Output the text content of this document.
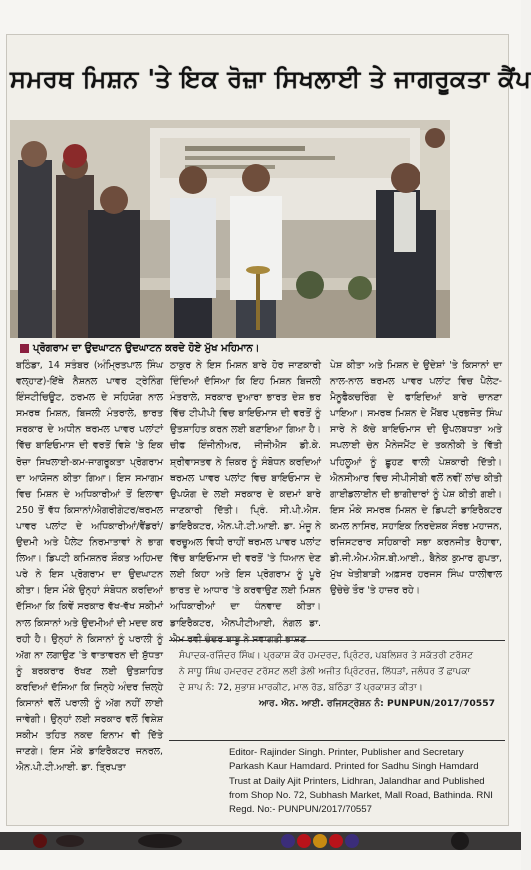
ਸਮਰਥ ਮਿਸ਼ਨ 'ਤੇ ਇਕ ਰੋਜ਼ਾ ਸਿਖਲਾਈ ਤੇ ਜਾਗਰੂਕਤਾ ਕੈਂਪ
ਪ੍ਰੋਗਰਾਮ ਦਾ ਉਦਘਾਟਨ ਉਦਘਾਟਨ ਕਰਦੇ ਹੋਏ ਮੁੱਖ ਮਹਿਮਾਨ।
ਬਠਿੰਡਾ, 14 ਸਤੰਬਰ (ਅੰਮ੍ਰਿਤਪਾਲ ਸਿੰਘ ਵਲ੍ਹਾਣ)-ਇੱਥੇ ਨੈਸ਼ਨਲ ਪਾਵਰ ਟ੍ਰੇਨਿੰਗ ਇੰਸਟੀਚਿਊਟ, ਠਰਮਲ ਦੇ ਸਹਿਯੋਗ ਨਾਲ ਸਮਰਥ ਮਿਸ਼ਨ, ਬਿਜਲੀ ਮੰਤਰਾਲੇ, ਭਾਰਤ ਸਰਕਾਰ ਦੇ ਅਧੀਨ ਥਰਮਲ ਪਾਵਰ ਪਲਾਂਟਾਂ ਵਿੱਚ ਬਾਇਓਮਾਸ ਦੀ ਵਰਤੋਂ ਵਿਸ਼ੇ 'ਤੇ ਇਕ ਰੋਜ਼ਾ ਸਿਖਲਾਈ-ਕਮ-ਜਾਗਰੂਕਤਾ ਪ੍ਰੋਗਰਾਮ ਦਾ ਆਯੋਜਨ ਕੀਤਾ ਗਿਆ। ਇਸ ਸਮਾਗਮ ਵਿਚ ਮਿਸ਼ਨ ਦੇ ਅਧਿਕਾਰੀਆਂ ਤੋਂ ਇਲਾਵਾ 250 ਤੋਂ ਵੱਧ ਕਿਸਾਨਾਂ/ਐਗਰੀਗੇਟਰ/ਥਰਮਲ ਪਾਵਰ ਪਲਾਂਟ ਦੇ ਅਧਿਕਾਰੀਆਂ/ਵੈਂਡਰਾਂ/ਉਦਮੀ ਅਤੇ ਪੈਲੇਟ ਨਿਰਮਾਤਾਵਾਂ ਨੇ ਭਾਗ ਲਿਆ। ਡਿਪਟੀ ਕਮਿਸ਼ਨਰ ਸ਼ੌਕਤ ਅਹਿਮਦ ਪਰੇ ਨੇ ਇਸ ਪ੍ਰੋਗਰਾਮ ਦਾ ਉਦਘਾਟਨ ਕੀਤਾ। ਇਸ ਮੌਕੇ ਉਨ੍ਹਾਂ ਸੰਬੋਧਨ ਕਰਦਿਆਂ ਦੱਸਿਆ ਕਿ ਕਿਵੇਂ ਸਰਕਾਰ ਵੱਖ-ਵੱਖ ਸਕੀਮਾਂ ਨਾਲ ਕਿਸਾਨਾਂ ਅਤੇ ਉਦਮੀਆਂ ਦੀ ਮਦਦ ਕਰ ਰਹੀ ਹੈ। ਉਨ੍ਹਾਂ ਨੇ ਕਿਸਾਨਾਂ ਨੂੰ ਪਰਾਲੀ ਨੂੰ ਅੱਗ ਨਾ ਲਗਾਉਣ 'ਤੇ ਵਾਤਾਵਰਨ ਦੀ ਸ਼ੁੱਧਤਾ ਨੂੰ ਬਰਕਰਾਰ ਰੱਖਣ ਲਈ ਉਤਸ਼ਾਹਿਤ ਕਰਦਿਆਂ ਦੱਸਿਆ ਕਿ ਜਿਨ੍ਹੇ ਅੰਦਰ ਜ਼ਿਲ੍ਹੇ ਕਿਸਾਨਾਂ ਵਲੋਂ ਪਰਾਲੀ ਨੂੰ ਅੱਗ ਨਹੀਂ ਲਾਈ ਜਾਵੇਗੀ। ਉਨ੍ਹਾਂ ਲਈ ਸਰਕਾਰ ਵਲੋਂ ਵਿਸ਼ੇਸ਼ ਸਕੀਮ ਤਹਿਤ ਨਕਦ ਇਨਾਮ ਵੀ ਦਿੱਤੇ ਜਾਣਗੇ। ਇਸ ਮੌਕੇ ਡਾਇਰੈਕਟਰ ਜਨਰਲ, ਐਨ.ਪੀ.ਟੀ.ਆਈ. ਡਾ. ਤ੍ਰਿਪਤਾ
ਠਾਕੁਰ ਨੇ ਇਸ ਮਿਸ਼ਨ ਬਾਰੇ ਹੋਰ ਜਾਣਕਾਰੀ ਦਿੰਦਿਆਂ ਦੱਸਿਆ ਕਿ ਇਹ ਮਿਸ਼ਨ ਬਿਜਲੀ ਮੰਤਰਾਲੇ, ਸਰਕਾਰ ਦੁਆਰਾ ਭਾਰਤ ਦੇਸ਼ ਭਰ ਵਿੱਚ ਟੀਪੀਪੀ ਵਿਚ ਬਾਇਓਮਾਸ ਦੀ ਵਰਤੋਂ ਨੂੰ ਉਤਸ਼ਾਹਿਤ ਕਰਨ ਲਈ ਬਣਾਇਆ ਗਿਆ ਹੈ। ਚੀਫ ਇੰਜੀਨੀਅਰ, ਜੀਜੀਐਸ ਡੀ.ਕੇ. ਸ਼੍ਰੀਵਾਸਤਵ ਨੇ ਜ਼ਿਕਰ ਨੂੰ ਸੰਬੋਧਨ ਕਰਦਿਆਂ ਥਰਮਲ ਪਾਵਰ ਪਲਾਂਟ ਵਿਚ ਬਾਇਓਮਾਸ ਦੇ ਉਪਯੋਗ ਦੇ ਲਈ ਸਰਕਾਰ ਦੇ ਕਦਮਾਂ ਬਾਰੇ ਜਾਣਕਾਰੀ ਦਿੱਤੀ। ਪ੍ਰਿੰ. ਸੀ.ਪੀ.ਐਸ. ਡਾਇਰੈਕਟਰ, ਐਨ.ਪੀ.ਟੀ.ਆਈ. ਡਾ. ਮੰਜੂ ਨੇ ਵਰਚੂਅਲ ਵਿਧੀ ਰਾਹੀਂ ਥਰਮਲ ਪਾਵਰ ਪਲਾਂਟ ਵਿੱਚ ਬਾਇਓਮਾਸ ਦੀ ਵਰਤੋਂ 'ਤੇ ਧਿਆਨ ਦੇਣ ਲਈ ਕਿਹਾ ਅਤੇ ਇਸ ਪ੍ਰੋਗਰਾਮ ਨੂੰ ਪੂਰੇ ਭਾਰਤ ਦੇ ਆਧਾਰ 'ਤੇ ਕਰਵਾਉਣ ਲਈ ਮਿਸ਼ਨ ਅਧਿਕਾਰੀਆਂ ਦਾ ਧੰਨਵਾਦ ਕੀਤਾ। ਡਾਇਰੈਕਟਰ, ਐਨਪੀਟੀਆਈ, ਨੰਗਲ ਡਾ.
ਪੇਸ਼ ਕੀਤਾ ਅਤੇ ਮਿਸ਼ਨ ਦੇ ਉਦੇਸ਼ਾਂ 'ਤੇ ਕਿਸਾਨਾਂ ਦਾ ਨਾਲ-ਨਾਲ ਥਰਮਲ ਪਾਵਰ ਪਲਾਂਟ ਵਿਚ ਪੈਲੇਟ-ਮੈਨੂਫੈਕਚਰਿੰਗ ਦੇ ਫਾਇਦਿਆਂ ਬਾਰੇ ਚਾਨਣਾ ਪਾਇਆ। ਸਮਰਥ ਮਿਸ਼ਨ ਦੇ ਮੈਂਬਰ ਪ੍ਰਭਜੋਤ ਸਿੰਘ ਸਾਰੇ ਨੇ ਕੱਚੇ ਬਾਇਓਮਾਸ ਦੀ ਉਪਲਬਧਤਾ ਅਤੇ ਸਪਲਾਈ ਚੇਨ ਮੈਨੇਜਮੈਂਟ ਦੇ ਤਕਨੀਕੀ ਤੇ ਵਿੱਤੀ ਪਹਿਲੂਆਂ ਨੂੰ ਛੂਹਣ ਵਾਲੀ ਪੇਸ਼ਕਾਰੀ ਦਿੱਤੀ। ਐਨਸੀਆਰ ਵਿਚ ਸੀਪੀਸੀਬੀ ਵਲੋਂ ਨਵੀਂ ਲਾਂਚ ਕੀਤੀ ਗਾਈਡਲਾਈਨ ਦੀ ਭਾਗੀਦਾਰਾਂ ਨੂੰ ਪੇਸ਼ ਕੀਤੀ ਗਈ। ਇਸ ਮੌਕੇ ਸਮਰਥ ਮਿਸ਼ਨ ਦੇ ਡਿਪਟੀ ਡਾਇਰੈਕਟਰ ਕਮਲ ਨਾਸਿਰ, ਸਹਾਇਕ ਨਿਰਦੇਸ਼ਕ ਸੌਰਭ ਮਹਾਜਨ, ਰਜਿਸਟਰਾਰ ਸਹਿਕਾਰੀ ਸਭਾ ਕਰਨਜੀਤ ਰੈਹਾਵਾ, ਡੀ.ਜੀ.ਐਮ.ਐਸ.ਬੀ.ਆਈ., ਬੈਨੇਕ ਕੁਮਾਰ ਗੁਪਤਾ, ਮੁੱਖ ਖੇਤੀਬਾੜੀ ਅਫ਼ਸਰ ਹਰਜਸ ਸਿੰਘ ਧਾਲੀਵਾਲ ਉਚੇਚੇ ਤੌਰ 'ਤੇ ਹਾਜ਼ਰ ਰਹੇ।
ਸੰਪਾਦਕ-ਰਜਿੰਦਰ ਸਿੰਘ। ਪ੍ਰਕਾਸ਼ ਕੌਰ ਹਮਦਰਦ, ਪ੍ਰਿੰਟਰ, ਪਬਲਿਸ਼ਰ ਤੇ ਸਕੱਤਰੀ ਟਰੱਸਟ
ਨੇ ਸਾਧੂ ਸਿੰਘ ਹਮਦਰਦ ਟਰੱਸਟ ਲਈ ਡੇਲੀ ਅਜੀਤ ਪ੍ਰਿੰਟਰਜ਼, ਲਿੱਧੜਾਂ, ਜਲੰਧਰ ਤੋਂ ਛਾਪਕਾ
ਦੇ ਸ਼ਾਪ ਨੰ: 72, ਸੁਭਾਸ਼ ਮਾਰਕੀਟ, ਮਾਲ ਰੋਡ, ਬਠਿੰਡਾ ਤੋਂ ਪ੍ਰਕਾਸ਼ਤ ਕੀਤਾ।
ਆਰ. ਐਨ. ਆਈ. ਰਜਿਸਟ੍ਰੇਸ਼ਨ ਨੰ: PUNPUN/2017/70557
Editor- Rajinder Singh. Printer, Publisher and Secretary Parkash Kaur Hamdard. Printed for Sadhu Singh Hamdard Trust at Daily Ajit Printers, Lidhran, Jalandhar and Published from Shop No. 72, Subhash Market, Mall Road, Bathinda. RNI Regd. No:- PUNPUN/2017/70557
